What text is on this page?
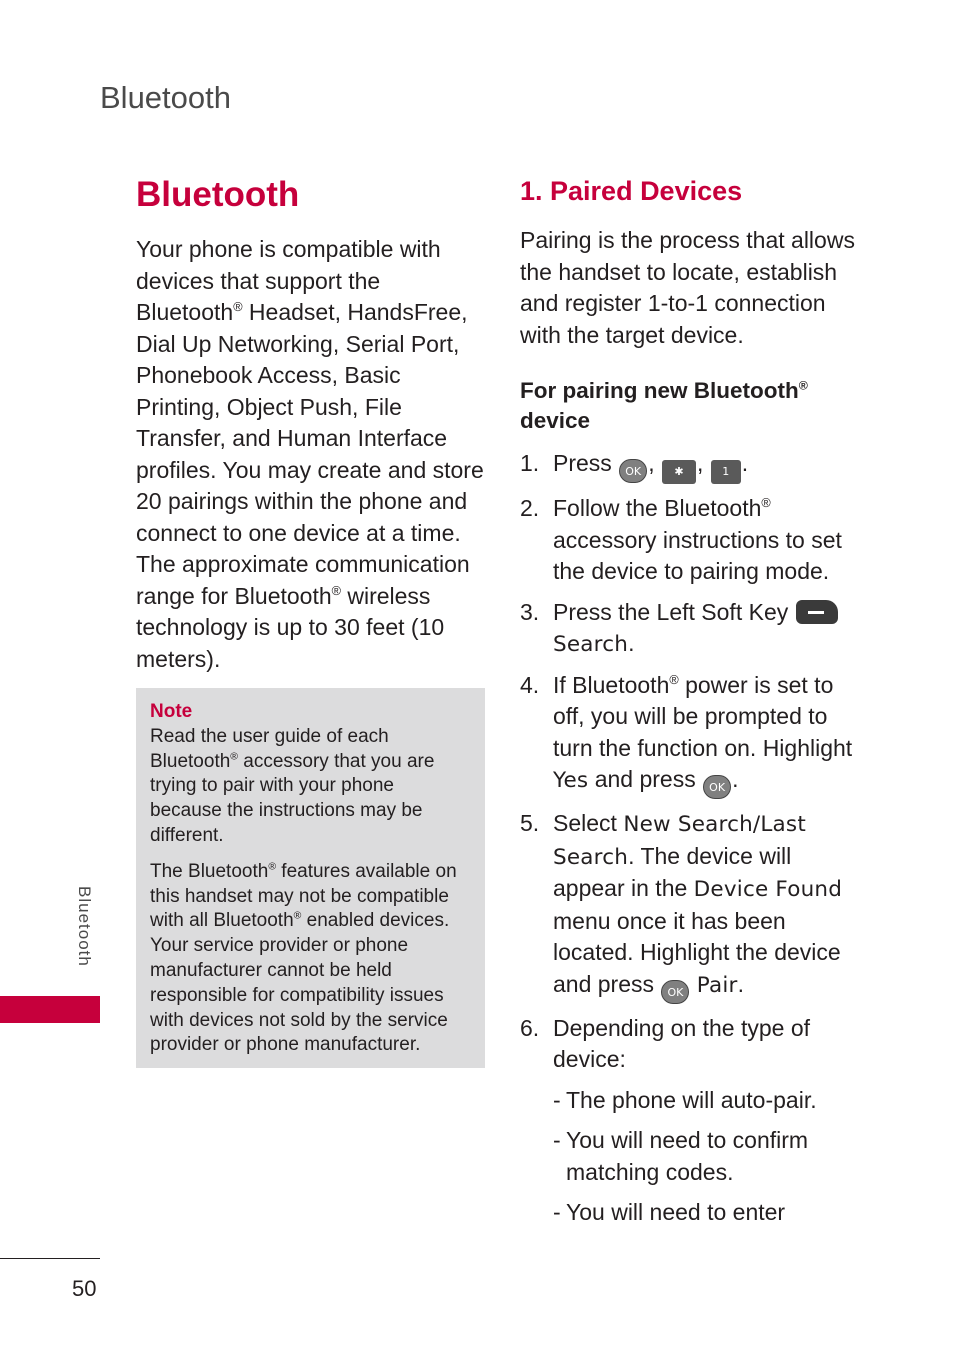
Bluetooth
Bluetooth
Your phone is compatible with devices that support the Bluetooth® Headset, HandsFree, Dial Up Networking, Serial Port, Phonebook Access, Basic Printing, Object Push, File Transfer, and Human Interface profiles. You may create and store 20 pairings within the phone and connect to one device at a time. The approximate communication range for Bluetooth® wireless technology is up to 30 feet (10 meters).
Note

Read the user guide of each Bluetooth® accessory that you are trying to pair with your phone because the instructions may be different.

The Bluetooth® features available on this handset may not be compatible with all Bluetooth® enabled devices. Your service provider or phone manufacturer cannot be held responsible for compatibility issues with devices not sold by the service provider or phone manufacturer.

1. Paired Devices
Pairing is the process that allows the handset to locate, establish and register 1-to-1 connection with the target device.
For pairing new Bluetooth® device
1. Press OK , ✱ , 1 .
2. Follow the Bluetooth® accessory instructions to set the device to pairing mode.
3. Press the Left Soft Key  Search.
4. If Bluetooth® power is set to off, you will be prompted to turn the function on. Highlight Yes and press OK .
5. Select New Search/Last Search. The device will appear in the Device Found menu once it has been located. Highlight the device and press OK Pair.
6. Depending on the type of device:
- The phone will auto-pair.
- You will need to confirm matching codes.
- You will need to enter
Bluetooth
50
